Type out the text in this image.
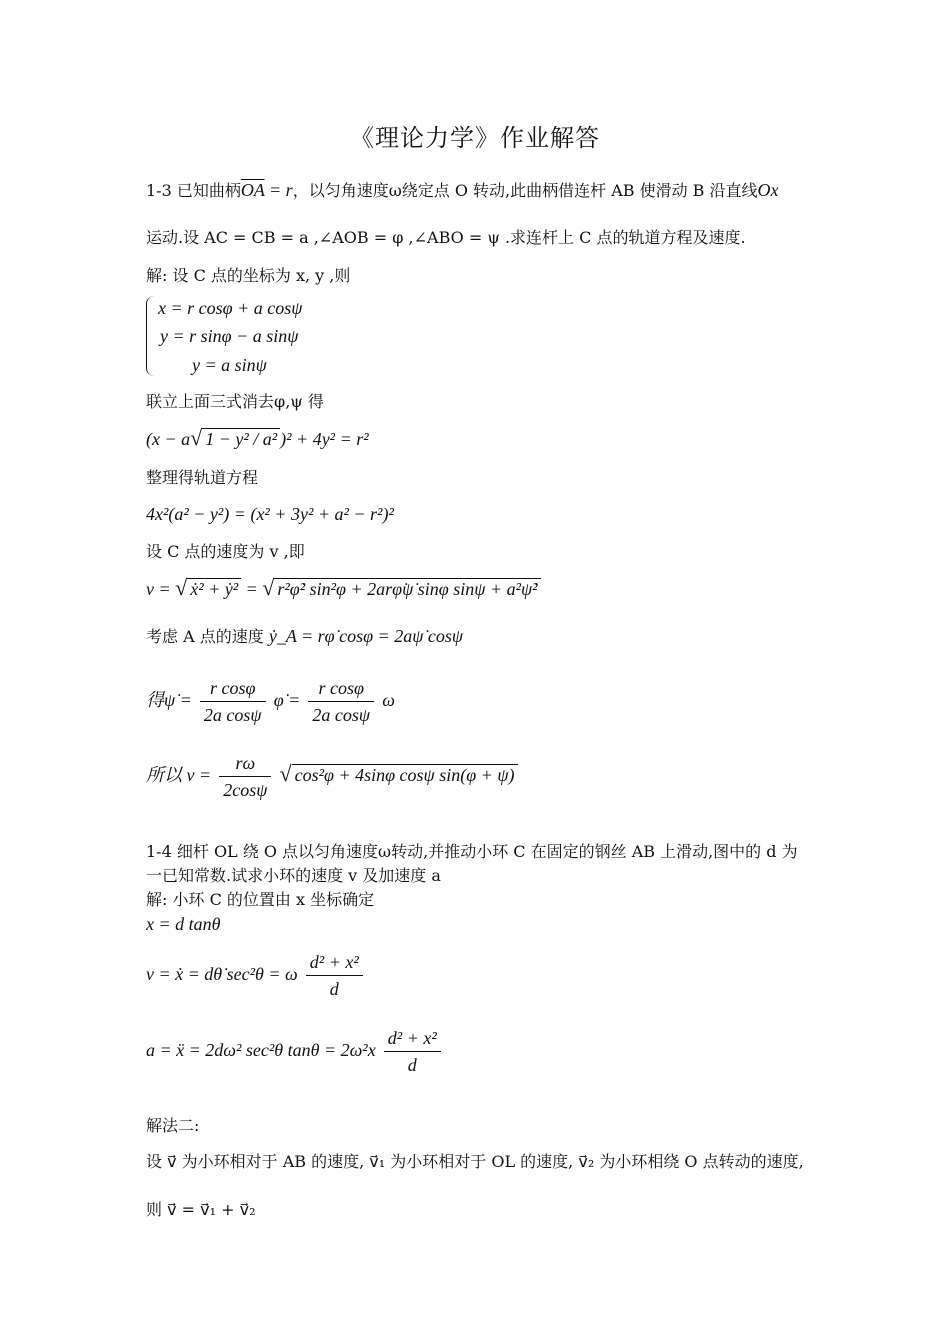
《理论力学》作业解答
1-3 已知曲柄$\overline{OA} = r$，以匀角速度ω绕定点 O 转动,此曲柄借连杆 AB 使滑动 B 沿直线Ox
运动.设 AC = CB = a ,∠AOB = φ ,∠ABO = ψ .求连杆上 C 点的轨道方程及速度.
解: 设 C 点的坐标为 x, y ,则
x = r cosφ + a cosψ
y = r sinφ − a sinψ
y = a sinψ
联立上面三式消去φ,ψ 得
(x − a√ 1 − y² / a² )² + 4y² = r²
整理得轨道方程
4x²(a² − y²) = (x² + 3y² + a² − r²)²
设 C 点的速度为 v ,即
v = √ ẋ² + ẏ² = √ r²φ̇² sin²φ + 2arφ̇ψ̇ sinφ sinψ + a²ψ̇²
考虑 A 点的速度 ẏ_A = rφ̇ cosφ = 2aψ̇ cosψ
得ψ̇ = $\frac{\text{r cosφ}}{\text{2a cosψ}}$ φ̇ = $\frac{\text{r cosφ}}{\text{2a cosψ}}$ ω
所以 $v = \frac{r\omega}{2\cos\psi}$ √ cos²φ + 4sinφ cosψ sin(φ + ψ)
1-4 细杆 OL 绕 O 点以匀角速度ω转动,并推动小环 C 在固定的钢丝 AB 上滑动,图中的 d 为
一已知常数.试求小环的速度 v 及加速度 a
解: 小环 C 的位置由 x 坐标确定
x = d tanθ
v = ẋ = dθ̇ sec²θ = ω $\frac{\text{d² + x²}}{d}$
a = ẍ = 2dω² sec²θ $\tan\theta = 2\omega^2x \frac{\text{d² + x²}}{d}$
解法二:
设 v⃗ 为小环相对于 AB 的速度, v⃗₁ 为小环相对于 OL 的速度, v⃗₂ 为小环相绕 O 点转动的速度,
则 v⃗ = v⃗₁ + v⃗₂
